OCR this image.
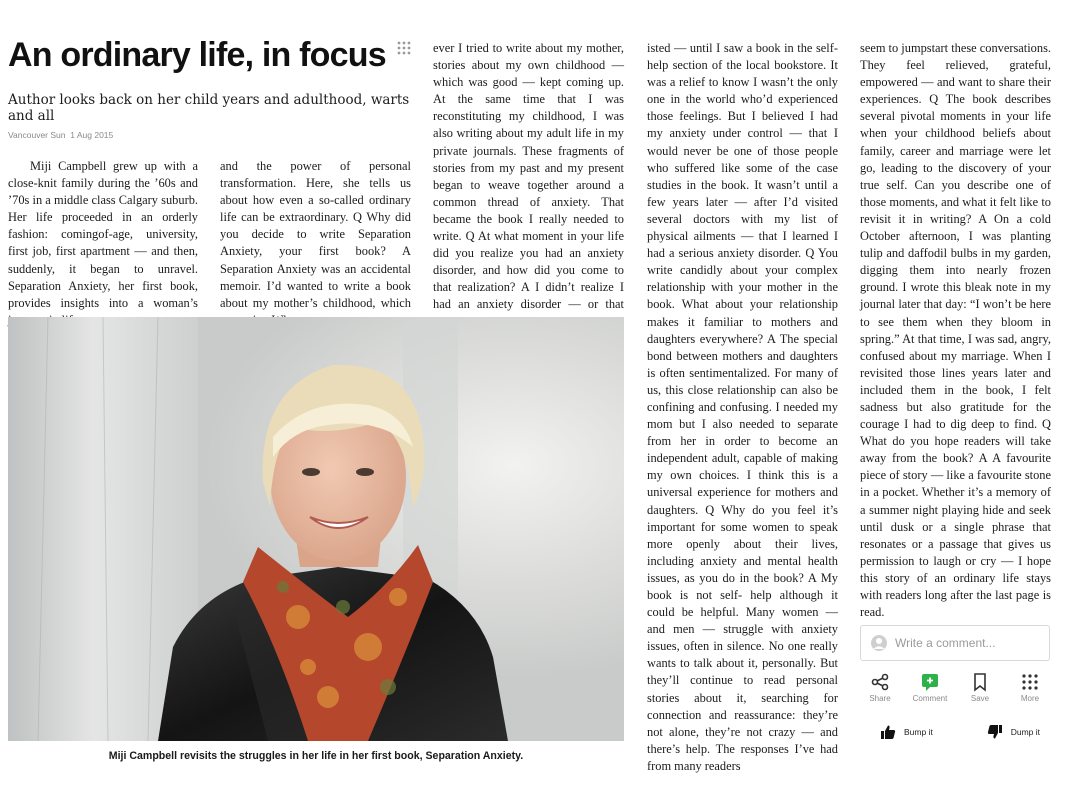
An ordinary life, in focus
Author looks back on her child years and adulthood, warts and all
Vancouver Sun 1 Aug 2015
Miji Campbell grew up with a close-knit family during the ’60s and ’70s in a middle class Calgary suburb. Her life proceeded in an orderly fashion: comingof-age, university, first job, first apartment — and then, suddenly, it began to unravel. Separation Anxiety, her first book, provides insights into a woman’s
and the power of personal transformation. Here, she tells us about how even a so-called ordinary life can be extraordinary. Q Why did you decide to write Separation Anxiety, your first book? A Separation Anxiety was an accidental memoir. I’d wanted to write a book about my mother’s childhood, which
ever I tried to write about my mother, stories about my own childhood — which was good — kept coming up. At the same time that I was reconstituting my childhood, I was also writing about my adult life in my private journals. These fragments of stories from my past and my present began to weave together around a common thread of anxiety. That became the book I really needed to write. Q At what moment in your life did you realize you had an anxiety disorder, and how did you come to that realization? A I didn’t realize I had an anxiety disorder — or that
isted — until I saw a book in the self-help section of the local bookstore. It was a relief to know I wasn’t the only one in the world who’d experienced those feelings. But I believed I had my anxiety under control — that I would never be one of those people who suffered like some of the case studies in the book. It wasn’t until a few years later — after I’d visited several doctors with my list of physical ailments — that I learned I had a serious anxiety disorder. Q You write candidly about your complex relationship with your mother in the book. What about your relationship makes it familiar to mothers and daughters everywhere? A The special bond between mothers and daughters is often sentimentalized. For many of us, this close relationship can also be confining and confusing. I needed my mom but I also needed to separate from her in order to become an independent adult, capable of making my own choices. I think this is a universal experience for mothers and daughters. Q Why do you feel it’s important for some women to speak more openly about their lives, including anxiety and mental health issues, as you do in the book? A My book is not self- help although it could be helpful. Many women — and men — struggle with anxiety issues, often in silence. No one really wants to talk about it, personally. But they’ll continue to read personal stories about it, searching for connection and reassurance: they’re not alone, they’re not crazy — and there’s help. The responses I’ve had from many readers
seem to jumpstart these conversations. They feel relieved, grateful, empowered — and want to share their experiences. Q The book describes several pivotal moments in your life when your childhood beliefs about family, career and marriage were let go, leading to the discovery of your true self. Can you describe one of those moments, and what it felt like to revisit it in writing? A On a cold October afternoon, I was planting tulip and daffodil bulbs in my garden, digging them into nearly frozen ground. I wrote this bleak note in my journal later that day: “I won’t be here to see them when they bloom in spring.” At that time, I was sad, angry, confused about my marriage. When I revisited those lines years later and included them in the book, I felt sadness but also gratitude for the courage I had to dig deep to find. Q What do you hope readers will take away from the book? A A favourite piece of story — like a favourite stone in a pocket. Whether it’s a memory of a summer night playing hide and seek until dusk or a single phrase that resonates or a passage that gives us permission to laugh or cry — I hope this story of an ordinary life stays with readers long after the last page is read.
Miji Campbell revisits the struggles in her life in her first book, Separation Anxiety.
Write a comment...
Share	Comment	Save	More
Bump it	Dump it
